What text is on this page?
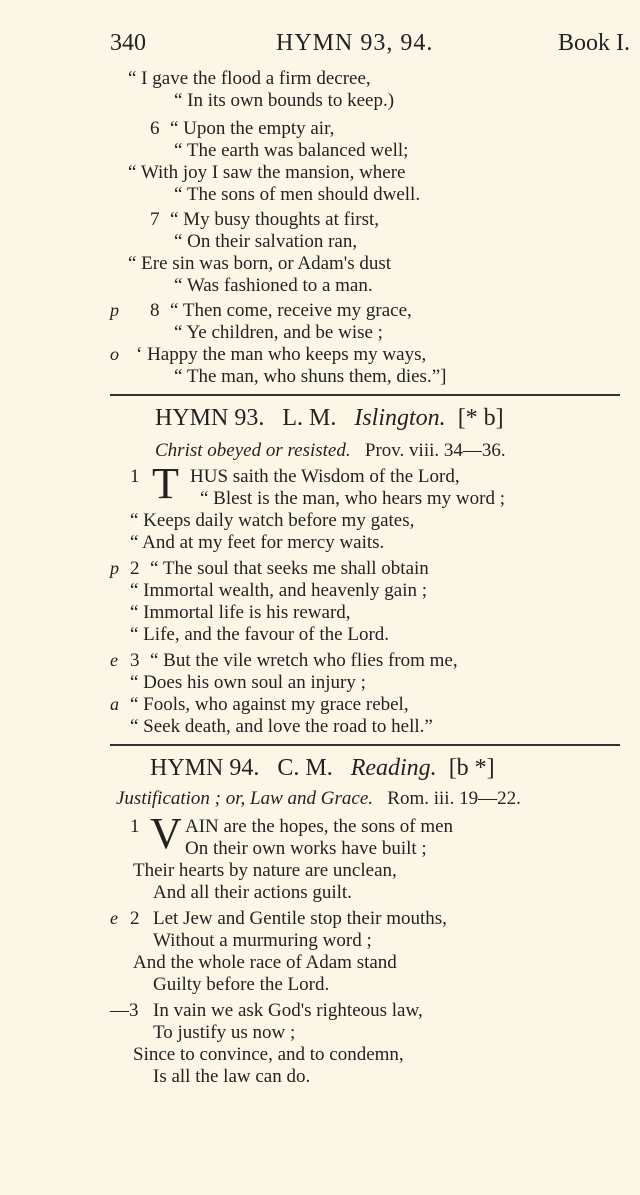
340	HYMN 93, 94.	Book I.
“ I gave the flood a firm decree,
“ In its own bounds to keep.)
6 “ Upon the empty air,
“ The earth was balanced well;
“ With joy I saw the mansion, where
“ The sons of men should dwell.
7 “ My busy thoughts at first,
“ On their salvation ran,
“ Ere sin was born, or Adam's dust
“ Was fashioned to a man.
p 8 “ Then come, receive my grace,
“ Ye children, and be wise ;
o ‘ Happy the man who keeps my ways,
“ The man, who shuns them, dies.”]
HYMN 93. L. M. Islington. [* b]
Christ obeyed or resisted. Prov. viii. 34—36.
1 T HUS saith the Wisdom of the Lord,
“ Blest is the man, who hears my word ;
“ Keeps daily watch before my gates,
“ And at my feet for mercy waits.
p 2 “ The soul that seeks me shall obtain
“ Immortal wealth, and heavenly gain ;
“ Immortal life is his reward,
“ Life, and the favour of the Lord.
e 3 “ But the vile wretch who flies from me,
“ Does his own soul an injury ;
a “ Fools, who against my grace rebel,
“ Seek death, and love the road to hell.”
HYMN 94. C. M. Reading. [b *]
Justification ; or, Law and Grace. Rom. iii. 19—22.
1 V AIN are the hopes, the sons of men
On their own works have built ;
Their hearts by nature are unclean,
And all their actions guilt.
e 2 Let Jew and Gentile stop their mouths,
Without a murmuring word ;
And the whole race of Adam stand
Guilty before the Lord.
—3 In vain we ask God's righteous law,
To justify us now ;
Since to convince, and to condemn,
Is all the law can do.
